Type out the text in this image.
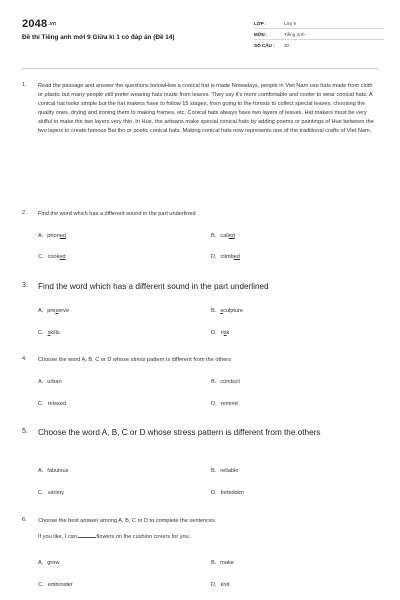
2048.vn
Đề thi Tiếng anh mới 9 Giữa kì 1 có đáp án (Đề 14)
LỚP :	Lớp 9
MÔN :	Tiếng Anh
SỐ CÂU :	30
1. Read the passage and answer the questions belowHow a conical hat is made Nowadays, people in Viet Nam use hats made from cloth or plastic but many people still prefer wearing hats made from leaves. They say it's more comfortable and cooler to wear conical hats. A conical hat looks simple but the hat makers have to follow 15 stages, from going to the forests to collect special leaves, choosing the quality ones, drying and ironing them to making frames, etc. Conical hats always have two layers of leaves. Hat makers must be very skilful to make the two layers very thin. In Hue, the artisans make special conical hats by adding poems or paintings of Hue between the two layers to create famous Bai tho or poetic conical hats. Making conical hats now represents one of the traditional crafts of Viet Nam.
2. Find the word which has a different sound in the part underlined
A. phoned	B. called
C. cooked	D. climbed
3. Find the word which has a different sound in the part underlined
A. preserve	B. sculpture
C. skills	D. risk
4. Choose the word A, B, C or D whose stress pattern is different from the others
A. urban	B. conduct
C. relaxed	D. remind
5. Choose the word A, B, C or D whose stress pattern is different from the others
A. fabulous	B. reliable
C. variety	D. forbidden
6. Choose the best answer among A, B, C or D to complete the sentences
If you like, I can	flowers on the cushion covers for you.
A. grow	B. make
C. embroider	D. knit
